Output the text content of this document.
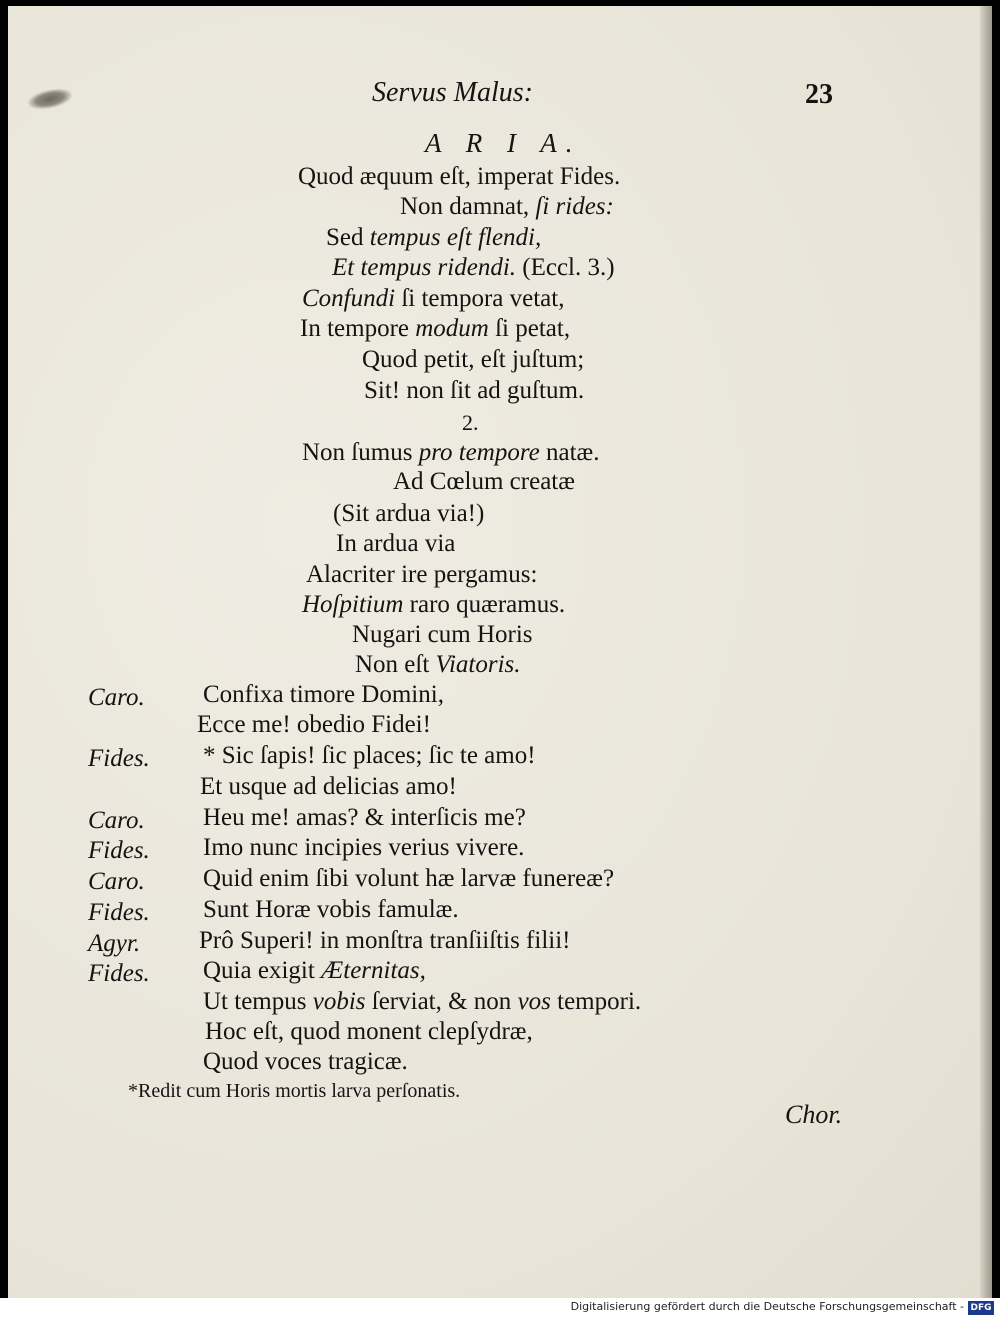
Servus Malus:	23
A R I A.
Quod æquum eſt, imperat Fides.
Non damnat, ſi rides:
Sed tempus eſt flendi,
Et tempus ridendi. (Eccl. 3.)
Confundi ſi tempora vetat,
In tempore modum ſi petat,
Quod petit, eſt juſtum;
Sit! non ſit ad guſtum.
2.
Non ſumus pro tempore natæ.
Ad Cœlum creatæ
(Sit ardua via!)
In ardua via
Alacriter ire pergamus:
Hoſpitium raro quæramus.
Nugari cum Horis
Non eſt Viatoris.
Caro. Confixa timore Domini,
Ecce me! obedio Fidei!
Fides. * Sic ſapis! ſic places; ſic te amo!
Et usque ad delicias amo!
Caro. Heu me! amas? & interſicis me?
Fides. Imo nunc incipies verius vivere.
Caro. Quid enim ſibi volunt hæ larvæ funereæ?
Fides. Sunt Horæ vobis famulæ.
Agyr. Prô Superi! in monſtra tranſiiſtis filii!
Fides. Quia exigit Æternitas,
Ut tempus vobis ſerviat, & non vos tempori.
Hoc eſt, quod monent clepſydræ,
Quod voces tragicæ.
*Redit cum Horis mortis larva perſonatis.
Chor.
Digitalisierung gefördert durch die Deutsche Forschungsgemeinschaft - DFG
